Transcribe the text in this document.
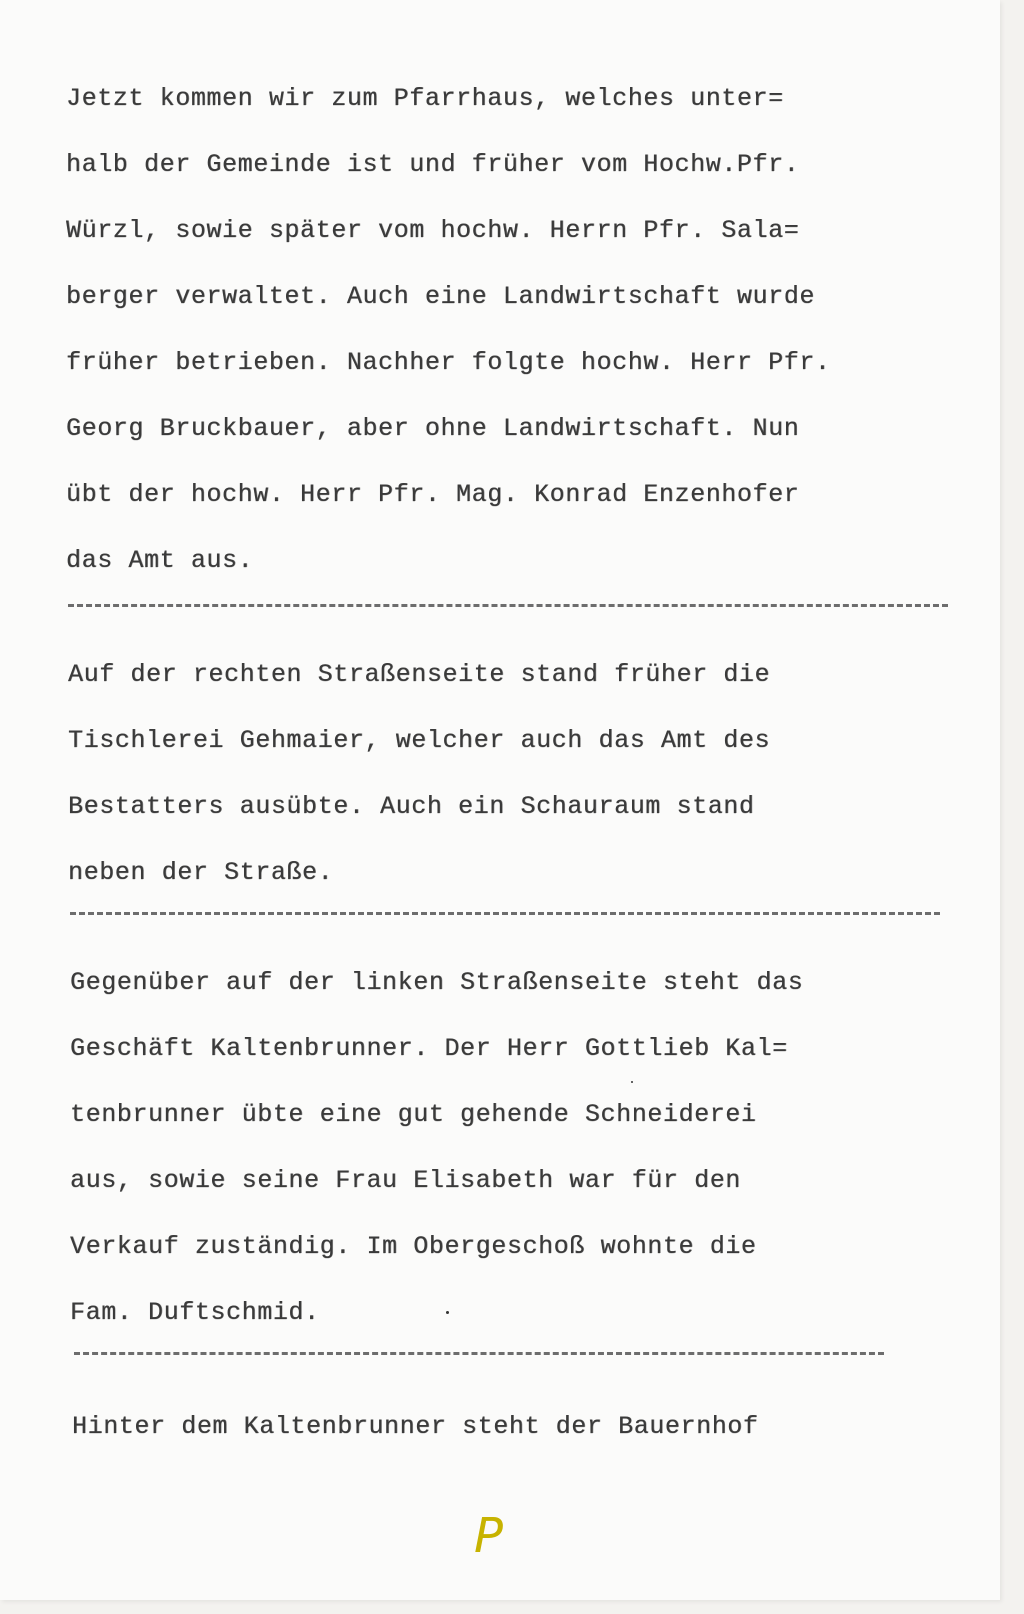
Jetzt kommen wir zum Pfarrhaus, welches unter=
halb der Gemeinde ist und früher vom Hochw.Pfr.
Würzl, sowie später vom hochw. Herrn Pfr. Sala=
berger verwaltet. Auch eine Landwirtschaft wurde
früher betrieben. Nachher folgte hochw. Herr Pfr.
Georg Bruckbauer, aber ohne Landwirtschaft. Nun
übt der hochw. Herr Pfr. Mag. Konrad Enzenhofer
das Amt aus.
Auf der rechten Straßenseite stand früher die
Tischlerei Gehmaier, welcher auch das Amt des
Bestatters ausübte. Auch ein Schauraum stand
neben der Straße.
Gegenüber auf der linken Straßenseite steht das
Geschäft Kaltenbrunner. Der Herr Gottlieb Kal=
tenbrunner übte eine gut gehende Schneiderei
aus, sowie seine Frau Elisabeth war für den
Verkauf zuständig. Im Obergeschoß wohnte die
Fam. Duftschmid.
Hinter dem Kaltenbrunner steht der Bauernhof
P
